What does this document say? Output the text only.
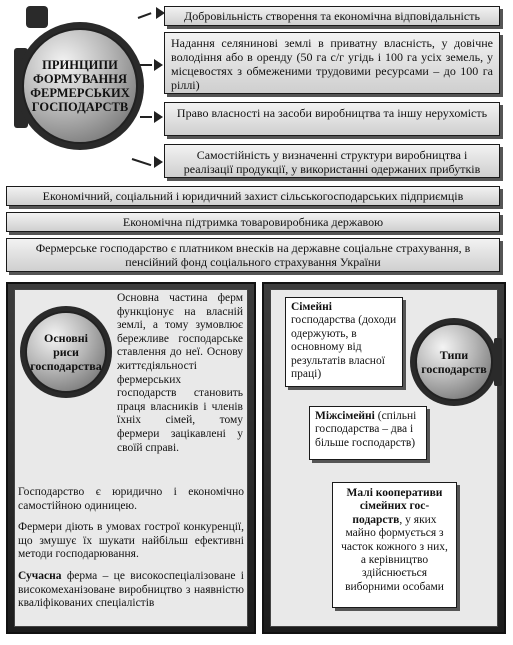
ПРИНЦИПИ ФОРМУВАННЯ ФЕРМЕРСЬКИХ ГОСПОДАРСТВ
Добровільність створення та економічна відповідальність
Надання селянинові землі в приватну власність, у довічне володіння або в оренду (50 га с/г угідь і 100 га усіх земель, у місцевостях з обмеженими трудовими ресурсами – до 100 га ріллі)
Право власності на засоби виробництва та іншу нерухомість
Самостійність у визначенні структури виробництва і реалізації продукції, у використанні одержаних прибутків
Економічний, соціальний і юридичний захист сільськогосподарських підприємців
Економічна підтримка товаровиробника державою
Фермерське господарство є платником внесків на державне соціальне страхування, в пенсійний фонд соціального страхування України
Основні риси господарства
Основна частина ферм функціонує на власній землі, а тому зумовлює бережливе господарське ставлення до неї. Основу життєдіяльності фермерських господарств становить праця власників і членів їхніх сімей, тому фермери зацікавлені у своїй справі.

Господарство є юридично і економічно самостійною одиницею.

Фермери діють в умовах гострої конкуренції, що змушує їх шукати найбільш ефективні методи господарювання.

Сучасна ферма – це високоспеціалізоване і високомеханізоване виробництво з наявністю кваліфікованих спеціалістів

Типи господарств
Сімейні
господарства (доходи одержують, в основному від результатів власної праці)
Міжсімейні (спільні господарства – два і більше господарств)
Малі кооперативи сімейних гос-подарств, у яких майно формується з часток кожного з них, а керівництво здійснюється виборними особами
